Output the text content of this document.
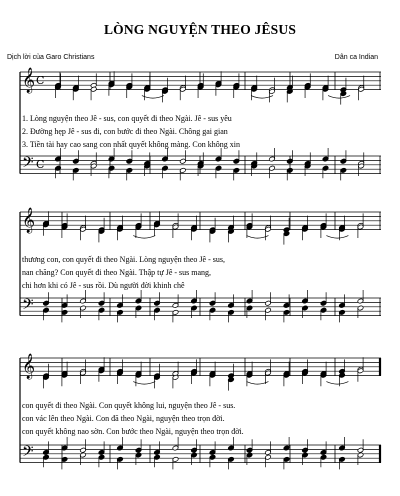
LÒNG NGUYỆN THEO JÊSUS
Dịch lời của Garo Christians	Dân ca Indian
𝄞
𝄢
C
C
𝄞
𝄢
𝄞
𝄢
1. Lòng nguyện theo Jê - sus, con quyết đi theo Ngài. Jê - sus yêu
2. Đường hẹp Jê - sus đi, con bước đi theo Ngài. Chông gai gian
3. Tiền tài hay cao sang con nhất quyết không màng. Con không xin
thương con, con quyết đi theo Ngài. Lòng nguyện theo Jê - sus,
nan chăng? Con quyết đi theo Ngài. Thập tự Jê - sus mang,
chi hơn khi có Jê - sus rồi. Dù người đời khinh chê
con quyết đi theo Ngài. Con quyết không lui, nguyện theo Jê - sus.
con vác lên theo Ngài. Con đã theo Ngài, nguyện theo trọn đời.
con quyết không nao sờn. Con bước theo Ngài, nguyện theo trọn đời.
